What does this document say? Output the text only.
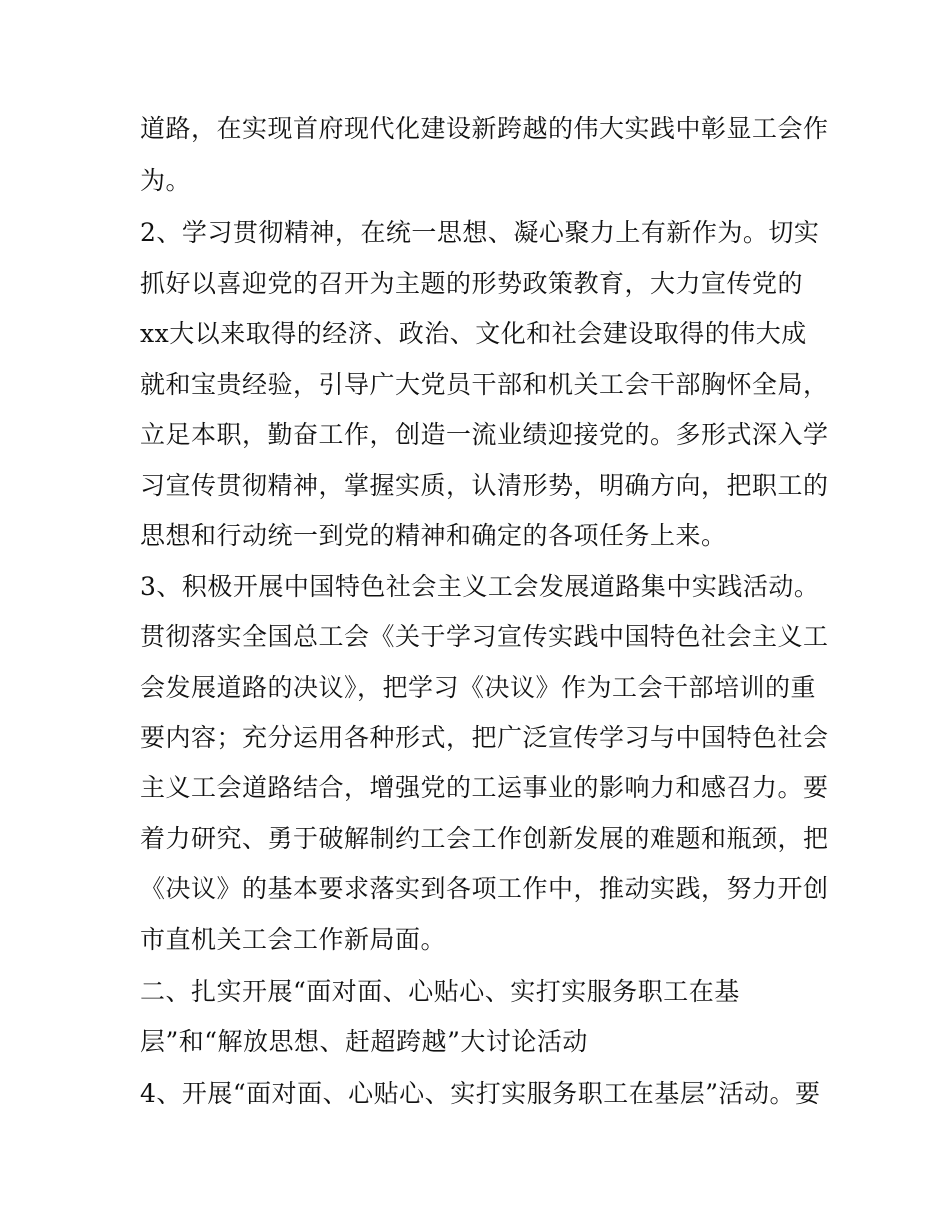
道路，在实现首府现代化建设新跨越的伟大实践中彰显工会作
为。
2、学习贯彻精神，在统一思想、凝心聚力上有新作为。切实
抓好以喜迎党的召开为主题的形势政策教育，大力宣传党的
xx大以来取得的经济、政治、文化和社会建设取得的伟大成
就和宝贵经验，引导广大党员干部和机关工会干部胸怀全局，
立足本职，勤奋工作，创造一流业绩迎接党的。多形式深入学
习宣传贯彻精神，掌握实质，认清形势，明确方向，把职工的
思想和行动统一到党的精神和确定的各项任务上来。
3、积极开展中国特色社会主义工会发展道路集中实践活动。
贯彻落实全国总工会《关于学习宣传实践中国特色社会主义工
会发展道路的决议》，把学习《决议》作为工会干部培训的重
要内容；充分运用各种形式，把广泛宣传学习与中国特色社会
主义工会道路结合，增强党的工运事业的影响力和感召力。要
着力研究、勇于破解制约工会工作创新发展的难题和瓶颈，把
《决议》的基本要求落实到各项工作中，推动实践，努力开创
市直机关工会工作新局面。
二、扎实开展“面对面、心贴心、实打实服务职工在基
层”和“解放思想、赶超跨越”大讨论活动
4、开展“面对面、心贴心、实打实服务职工在基层”活动。要
